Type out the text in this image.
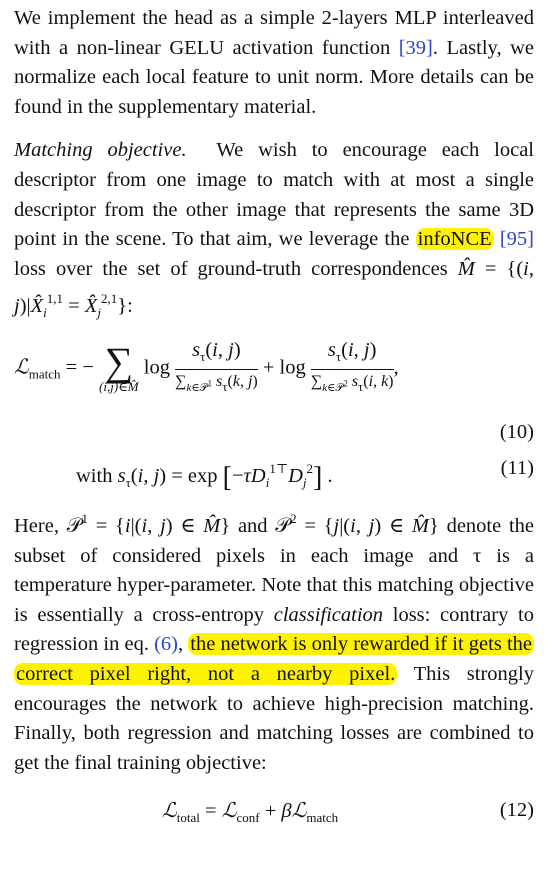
We implement the head as a simple 2-layers MLP interleaved with a non-linear GELU activation function [39]. Lastly, we normalize each local feature to unit norm. More details can be found in the supplementary material.

Matching objective. We wish to encourage each local descriptor from one image to match with at most a single descriptor from the other image that represents the same 3D point in the scene. To that aim, we leverage the infoNCE [95] loss over the set of ground-truth correspondences M̂ = {(i, $j)|X̂_i^{1,1}$ = $X̂_j^{2,1}$}:

ℒ$_{match}$ = − ∑
(i,j)∈M̂
$\log \frac{s_\tau(i, j)}{\sum_{k\in 𝒫^1} s_\tau(k, j)} + \log \frac{s_\tau(i, j)}{\sum_{k\in 𝒫^2} s_\tau(i, k)}$ ,
(10)
with $s_\tau(i$, $j) = \exp [-\tau D_i^{1⊤}D_j^2]$ .	(11)

Here, 𝒫$^1$ = {i|(i, j) ∈ M̂} and 𝒫$^2$ = {j|(i, j) ∈ M̂} denote the subset of considered pixels in each image and τ is a temperature hyper-parameter. Note that this matching objective is essentially a cross-entropy classification loss: contrary to regression in eq. (6), the network is only rewarded if it gets the correct pixel right, not a nearby pixel. This strongly encourages the network to achieve high-precision matching. Finally, both regression and matching losses are combined to get the final training objective:

ℒ$_{total}$ = ℒ$_{conf}$ + βℒ$_{match}$	(12)
